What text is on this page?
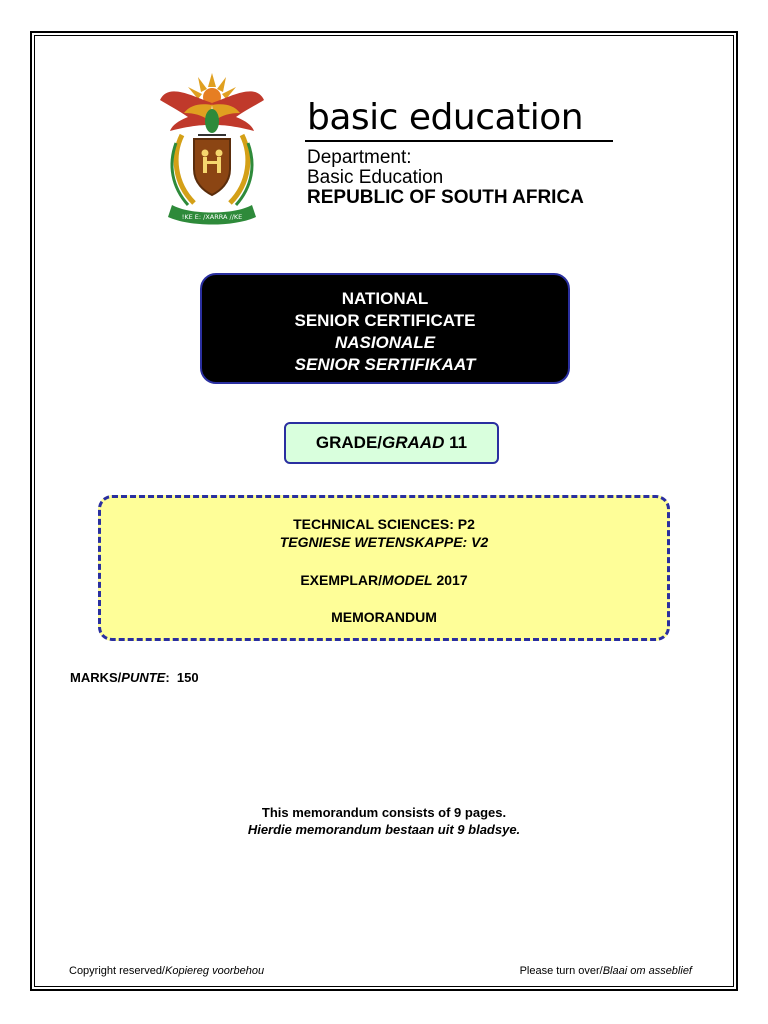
!KE E: /XARRA //KE
basic education
Department:
Basic Education
REPUBLIC OF SOUTH AFRICA
NATIONAL
SENIOR CERTIFICATE
NASIONALE
SENIOR SERTIFIKAAT
GRADE/GRAAD 11
TECHNICAL SCIENCES: P2
TEGNIESE WETENSKAPPE: V2
EXEMPLAR/MODEL 2017
MEMORANDUM
MARKS/PUNTE:  150
This memorandum consists of 9 pages.
Hierdie memorandum bestaan uit 9 bladsye.
Copyright reserved/Kopiereg voorbehou	Please turn over/Blaai om asseblief
